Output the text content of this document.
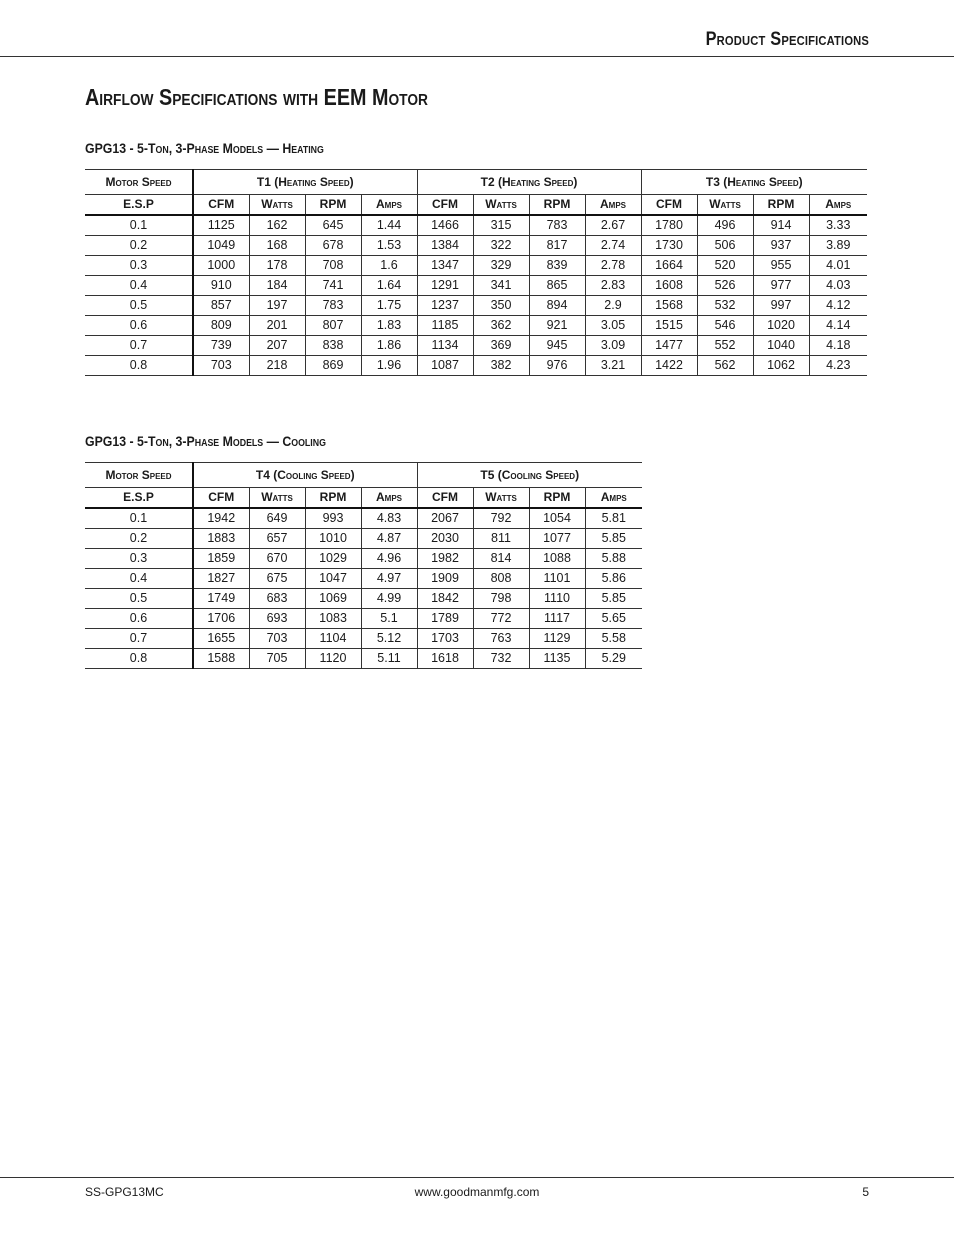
Product Specifications
Airflow Specifications with EEM Motor
GPG13 - 5-Ton, 3-Phase Models — Heating
Motor Speed	T1 (Heating Speed)				T2 (Heating Speed)				T3 (Heating Speed)			
E.S.P	CFM	Watts	RPM	Amps	CFM	Watts	RPM	Amps	CFM	Watts	RPM	Amps
0.1	1125	162	645	1.44	1466	315	783	2.67	1780	496	914	3.33
0.2	1049	168	678	1.53	1384	322	817	2.74	1730	506	937	3.89
0.3	1000	178	708	1.6	1347	329	839	2.78	1664	520	955	4.01
0.4	910	184	741	1.64	1291	341	865	2.83	1608	526	977	4.03
0.5	857	197	783	1.75	1237	350	894	2.9	1568	532	997	4.12
0.6	809	201	807	1.83	1185	362	921	3.05	1515	546	1020	4.14
0.7	739	207	838	1.86	1134	369	945	3.09	1477	552	1040	4.18
0.8	703	218	869	1.96	1087	382	976	3.21	1422	562	1062	4.23
GPG13 - 5-Ton, 3-Phase Models — Cooling
Motor Speed	T4 (Cooling Speed)				T5 (Cooling Speed)			
E.S.P	CFM	Watts	RPM	Amps	CFM	Watts	RPM	Amps
0.1	1942	649	993	4.83	2067	792	1054	5.81
0.2	1883	657	1010	4.87	2030	811	1077	5.85
0.3	1859	670	1029	4.96	1982	814	1088	5.88
0.4	1827	675	1047	4.97	1909	808	1101	5.86
0.5	1749	683	1069	4.99	1842	798	1110	5.85
0.6	1706	693	1083	5.1	1789	772	1117	5.65
0.7	1655	703	1104	5.12	1703	763	1129	5.58
0.8	1588	705	1120	5.11	1618	732	1135	5.29
SS-GPG13MC	www.goodmanmfg.com	5
